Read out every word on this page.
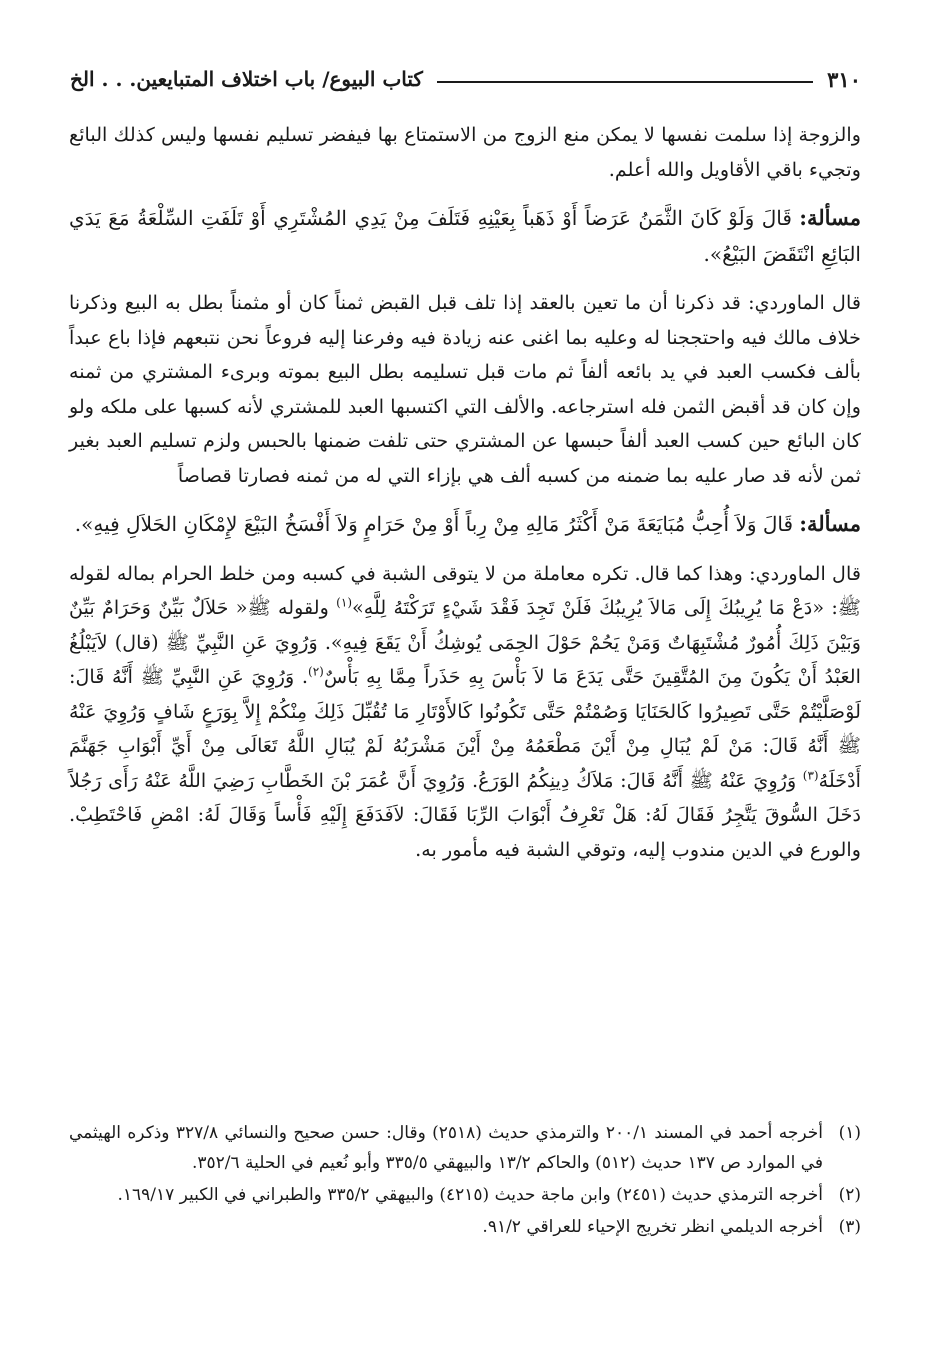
٣١٠
كتاب البيوع/ باب اختلاف المتبايعين. . . الخ

والزوجة إذا سلمت نفسها لا يمكن منع الزوج من الاستمتاع بها فيفضر تسليم نفسها وليس كذلك البائع وتجيء باقي الأقاويل والله أعلم.

مسألة: قَالَ وَلَوْ كَانَ الثَّمَنُ عَرَضاً أَوْ ذَهَباً بِعَيْنِهِ فَتَلَفَ مِنْ يَدِي المُشْتَرِي أَوْ تَلَفَتِ السِّلْعَةُ مَعَ يَدَي البَائِعِ انْتَقَضَ البَيْعُ».

قال الماوردي: قد ذكرنا أن ما تعين بالعقد إذا تلف قبل القبض ثمناً كان أو مثمناً بطل به البيع وذكرنا خلاف مالك فيه واحتججنا له وعليه بما اغنى عنه زيادة فيه وفرعنا إليه فروعاً نحن نتبعهم فإذا باع عبداً بألف فكسب العبد في يد بائعه ألفاً ثم مات قبل تسليمه بطل البيع بموته وبرىء المشتري من ثمنه وإن كان قد أقبض الثمن فله استرجاعه. والألف التي اكتسبها العبد للمشتري لأنه كسبها على ملكه ولو كان البائع حين كسب العبد ألفاً حبسها عن المشتري حتى تلفت ضمنها بالحبس ولزم تسليم العبد بغير ثمن لأنه قد صار عليه بما ضمنه من كسبه ألف هي بإزاء التي له من ثمنه فصارتا قصاصاً

مسألة: قَالَ وَلاَ أُحِبُّ مُبَايَعَةَ مَنْ أَكْثَرُ مَالِهِ مِنْ رِباً أَوْ مِنْ حَرَامٍ وَلاَ أَفْسَخُ البَيْعَ لإِمْكَانِ الحَلاَلِ فِيهِ».

قال الماوردي: وهذا كما قال. تكره معاملة من لا يتوقى الشبة في كسبه ومن خلط الحرام بماله لقوله ﷺ: «دَعْ مَا يُرِيبُكَ إِلَى مَالاَ يُرِيبُكَ فَلَنْ تَجِدَ فَقْدَ شَيْءٍ تَرَكْتَهُ لِلَّهِ»$^{(١)}$ ولقوله ﷺ« حَلاَلٌ بَيِّنٌ وَحَرَامٌ بَيِّنٌ وَبَيْنَ ذَلِكَ أُمُورٌ مُشْتَبِهَاتٌ وَمَنْ يَحُمْ حَوْلَ الحِمَى يُوشِكُ أَنْ يَقَعَ فِيهِ». وَرُوِيَ عَنِ النَّبِيِّ ﷺ (قال) لاَيَبْلُغُ العَبْدُ أَنْ يَكُونَ مِنَ المُتَّقِينَ حَتَّى يَدَعَ مَا لاَ بَأْسَ بِهِ حَذَراً مِمَّا بِهِ بَأْسٌ$^{(٢)}$. وَرُوِيَ عَنِ النَّبِيِّ ﷺ أَنَّهُ قَالَ: لَوْصَلَّيْتُمْ حَتَّى تَصِيرُوا كَالحَنَايَا وَصُمْتُمْ حَتَّى تَكُونُوا كَالأَوْتَارِ مَا تُقُبِّلَ ذَلِكَ مِنْكُمْ إِلاَّ بِوَرَعٍ شَافٍ وَرُوِيَ عَنْهُ ﷺ أَنَّهُ قَالَ: مَنْ لَمْ يُبَالِ مِنْ أَيْنَ مَطْعَمُهُ مِنْ أَيْنَ مَشْرَبُهُ لَمْ يُبَالِ اللَّهُ تَعَالَى مِنْ أَيِّ أَبْوَابِ جَهَنَّمَ أَدْخَلَهُ$^{(٣)}$ وَرُوِيَ عَنْهُ ﷺ أَنَّهُ قَالَ: مَلاَكُ دِينِكُمُ الوَرَعُ. وَرُوِيَ أَنَّ عُمَرَ بْنَ الخَطَّابِ رَضِيَ اللَّهُ عَنْهُ رَأَى رَجُلاً دَخَلَ السُّوقَ يَتَّجِرُ فَقَالَ لَهُ: هَلْ تَعْرِفُ أَبْوَابَ الرِّبَا فَقَالَ: لاَفَدَفَعَ إِلَيْهِ فَأْساً وَقَالَ لَهُ: امْضِ فَاحْتَطِبْ. والورع في الدين مندوب إليه، وتوقي الشبة فيه مأمور به.

(١)
أخرجه أحمد في المسند ٢٠٠/١ والترمذي حديث (٢٥١٨) وقال: حسن صحيح والنسائي ٣٢٧/٨ وذكره الهيثمي في الموارد ص ١٣٧ حديث (٥١٢) والحاكم ١٣/٢ والبيهقي ٣٣٥/٥ وأبو نُعيم في الحلية ٣٥٢/٦.
(٢)
أخرجه الترمذي حديث (٢٤٥١) وابن ماجة حديث (٤٢١٥) والبيهقي ٣٣٥/٢ والطبراني في الكبير ١٦٩/١٧.
(٣)
أخرجه الديلمي انظر تخريج الإحياء للعراقي ٩١/٢.
